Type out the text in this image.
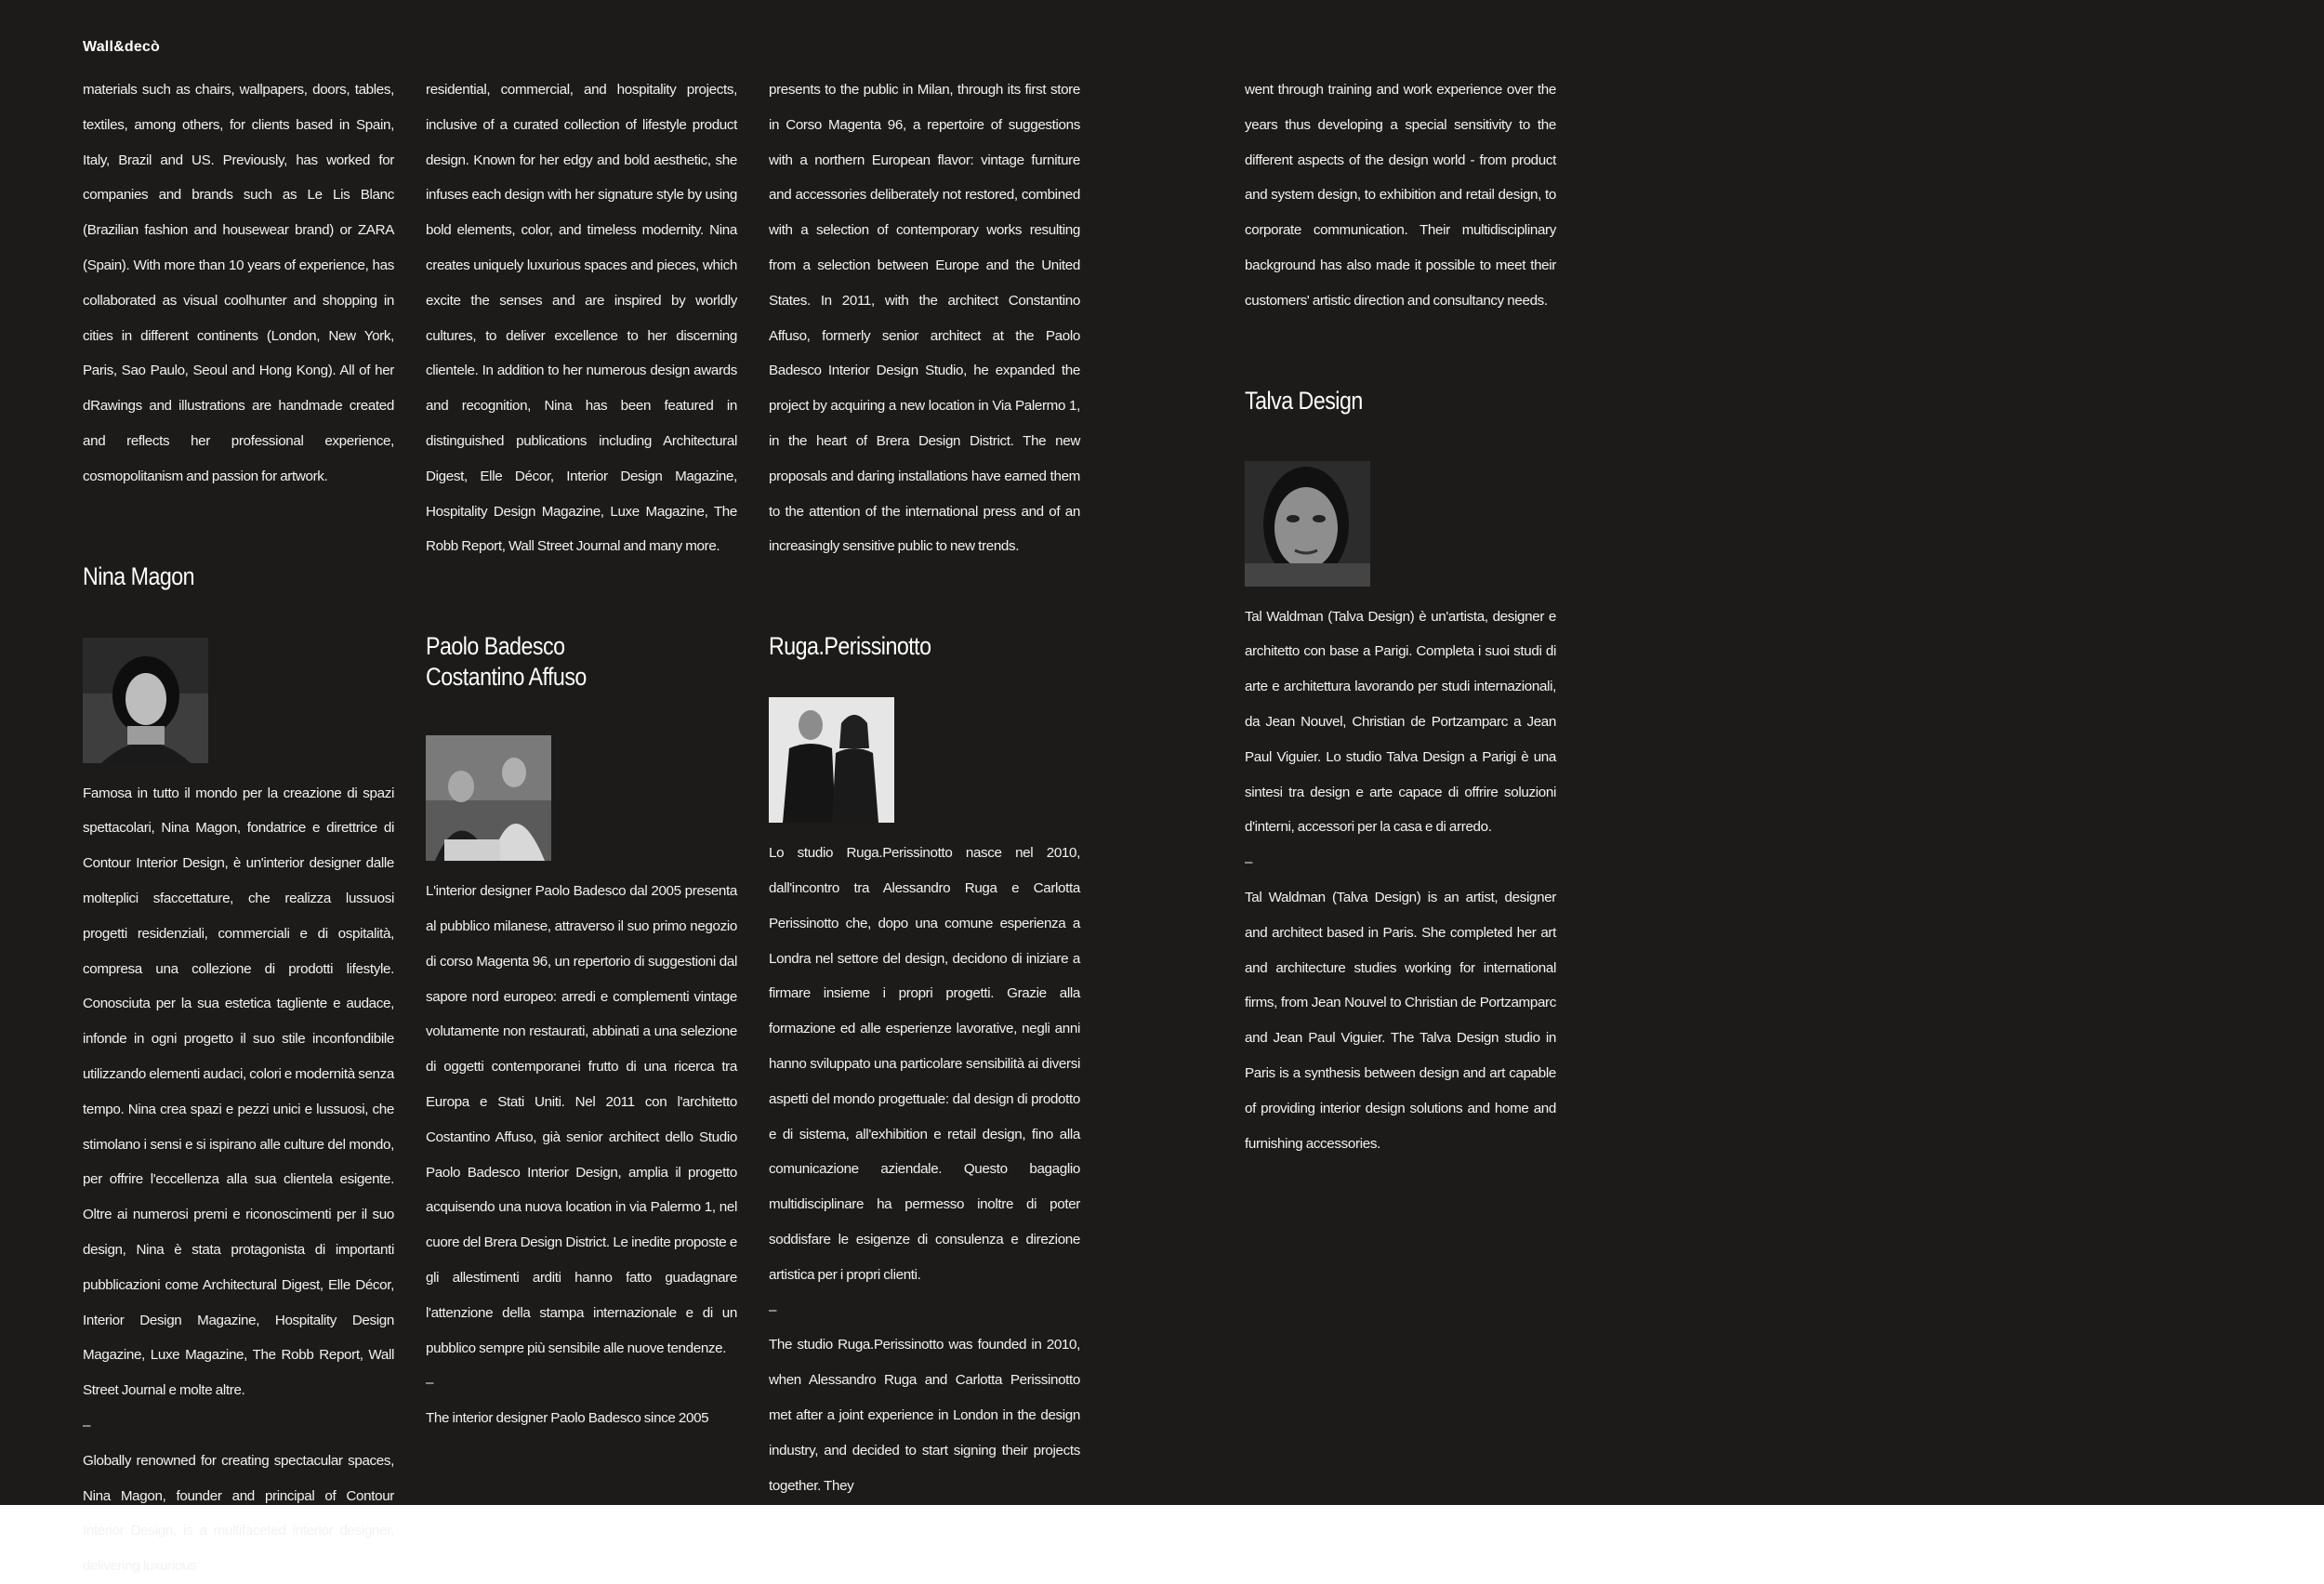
Wall&decò

materials such as chairs, wallpapers, doors, tables, textiles, among others, for clients based in Spain, Italy, Brazil and US. Previously, has worked for companies and brands such as Le Lis Blanc (Brazilian fashion and housewear brand) or ZARA (Spain). With more than 10 years of experience, has collaborated as visual coolhunter and shopping in cities in different continents (London, New York, Paris, Sao Paulo, Seoul and Hong Kong). All of her dRawings and illustrations are handmade created and reflects her professional experience, cosmopolitanism and passion for artwork.

Nina Magon

Famosa in tutto il mondo per la creazione di spazi spettacolari, Nina Magon, fondatrice e direttrice di Contour Interior Design, è un'interior designer dalle molteplici sfaccettature, che realizza lussuosi progetti residenziali, commerciali e di ospitalità, compresa una collezione di prodotti lifestyle. Conosciuta per la sua estetica tagliente e audace, infonde in ogni progetto il suo stile inconfondibile utilizzando elementi audaci, colori e modernità senza tempo. Nina crea spazi e pezzi unici e lussuosi, che stimolano i sensi e si ispirano alle culture del mondo, per offrire l'eccellenza alla sua clientela esigente. Oltre ai numerosi premi e riconoscimenti per il suo design, Nina è stata protagonista di importanti pubblicazioni come Architectural Digest, Elle Décor, Interior Design Magazine, Hospitality Design Magazine, Luxe Magazine, The Robb Report, Wall Street Journal e molte altre.

–

Globally renowned for creating spectacular spaces, Nina Magon, founder and principal of Contour Interior Design, is a multifaceted interior designer, delivering luxurious

residential, commercial, and hospitality projects, inclusive of a curated collection of lifestyle product design. Known for her edgy and bold aesthetic, she infuses each design with her signature style by using bold elements, color, and timeless modernity. Nina creates uniquely luxurious spaces and pieces, which excite the senses and are inspired by worldly cultures, to deliver excellence to her discerning clientele. In addition to her numerous design awards and recognition, Nina has been featured in distinguished publications including Architectural Digest, Elle Décor, Interior Design Magazine, Hospitality Design Magazine, Luxe Magazine, The Robb Report, Wall Street Journal and many more.

Paolo Badesco
Costantino Affuso

L'interior designer Paolo Badesco dal 2005 presenta al pubblico milanese, attraverso il suo primo negozio di corso Magenta 96, un repertorio di suggestioni dal sapore nord europeo: arredi e complementi vintage volutamente non restaurati, abbinati a una selezione di oggetti contemporanei frutto di una ricerca tra Europa e Stati Uniti. Nel 2011 con l'architetto Costantino Affuso, già senior architect dello Studio Paolo Badesco Interior Design, amplia il progetto acquisendo una nuova location in via Palermo 1, nel cuore del Brera Design District. Le inedite proposte e gli allestimenti arditi hanno fatto guadagnare l'attenzione della stampa internazionale e di un pubblico sempre più sensibile alle nuove tendenze.

–

The interior designer Paolo Badesco since 2005

presents to the public in Milan, through its first store in Corso Magenta 96, a repertoire of suggestions with a northern European flavor: vintage furniture and accessories deliberately not restored, combined with a selection of contemporary works resulting from a selection between Europe and the United States. In 2011, with the architect Constantino Affuso, formerly senior architect at the Paolo Badesco Interior Design Studio, he expanded the project by acquiring a new location in Via Palermo 1, in the heart of Brera Design District. The new proposals and daring installations have earned them to the attention of the international press and of an increasingly sensitive public to new trends.

Ruga.Perissinotto

Lo studio Ruga.Perissinotto nasce nel 2010, dall'incontro tra Alessandro Ruga e Carlotta Perissinotto che, dopo una comune esperienza a Londra nel settore del design, decidono di iniziare a firmare insieme i propri progetti. Grazie alla formazione ed alle esperienze lavorative, negli anni hanno sviluppato una particolare sensibilità ai diversi aspetti del mondo progettuale: dal design di prodotto e di sistema, all'exhibition e retail design, fino alla comunicazione aziendale. Questo bagaglio multidisciplinare ha permesso inoltre di poter soddisfare le esigenze di consulenza e direzione artistica per i propri clienti.

–

The studio Ruga.Perissinotto was founded in 2010, when Alessandro Ruga and Carlotta Perissinotto met after a joint experience in London in the design industry, and decided to start signing their projects together. They

went through training and work experience over the years thus developing a special sensitivity to the different aspects of the design world - from product and system design, to exhibition and retail design, to corporate communication. Their multidisciplinary background has also made it possible to meet their customers' artistic direction and consultancy needs.

Talva Design

Tal Waldman (Talva Design) è un'artista, designer e architetto con base a Parigi. Completa i suoi studi di arte e architettura lavorando per studi internazionali, da Jean Nouvel, Christian de Portzamparc a Jean Paul Viguier. Lo studio Talva Design a Parigi è una sintesi tra design e arte capace di offrire soluzioni d'interni, accessori per la casa e di arredo.

–

Tal Waldman (Talva Design) is an artist, designer and architect based in Paris. She completed her art and architecture studies working for international firms, from Jean Nouvel to Christian de Portzamparc and Jean Paul Viguier. The Talva Design studio in Paris is a synthesis between design and art capable of providing interior design solutions and home and furnishing accessories.
